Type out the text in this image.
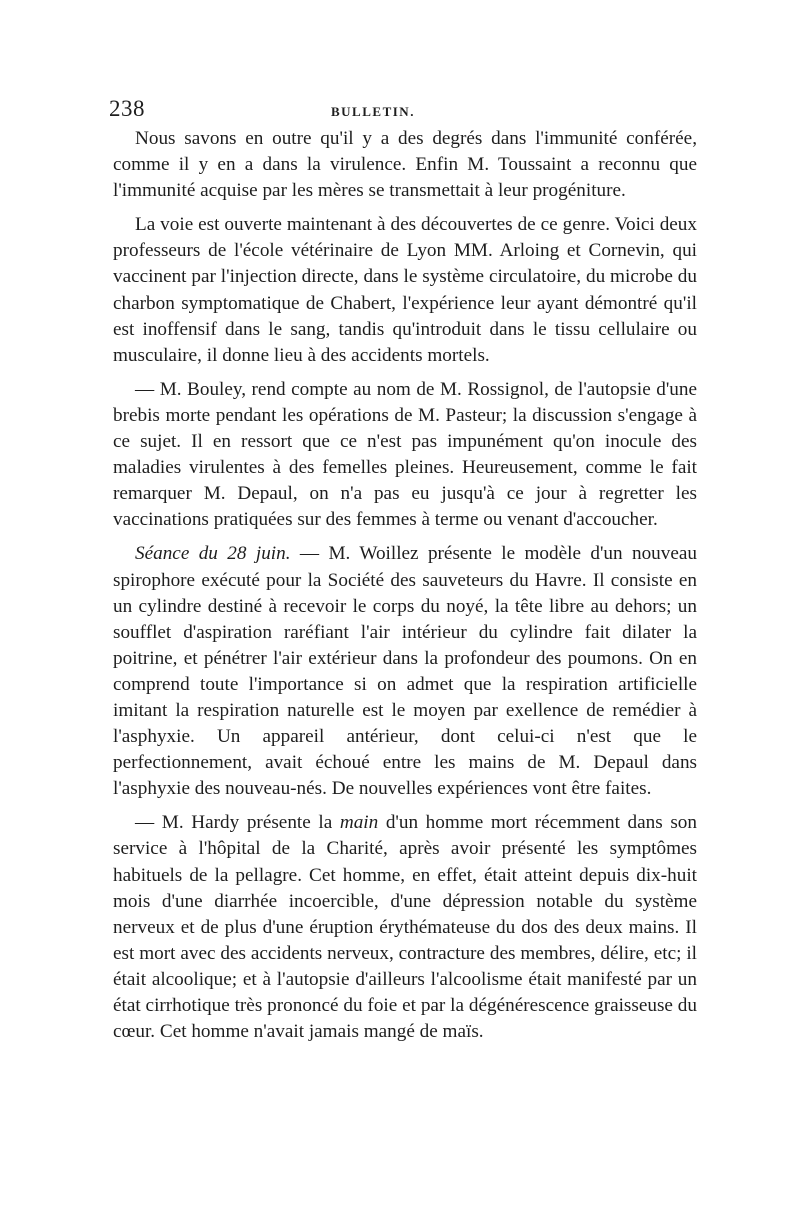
238	BULLETIN.

Nous savons en outre qu'il y a des degrés dans l'immunité conférée, comme il y en a dans la virulence. Enfin M. Toussaint a reconnu que l'immunité acquise par les mères se transmettait à leur progéniture.

La voie est ouverte maintenant à des découvertes de ce genre. Voici deux professeurs de l'école vétérinaire de Lyon MM. Arloing et Cornevin, qui vaccinent par l'injection directe, dans le système circulatoire, du microbe du charbon symptomatique de Chabert, l'expérience leur ayant démontré qu'il est inoffensif dans le sang, tandis qu'introduit dans le tissu cellulaire ou musculaire, il donne lieu à des accidents mortels.

— M. Bouley, rend compte au nom de M. Rossignol, de l'autopsie d'une brebis morte pendant les opérations de M. Pasteur; la discussion s'engage à ce sujet. Il en ressort que ce n'est pas impunément qu'on inocule des maladies virulentes à des femelles pleines. Heureusement, comme le fait remarquer M. Depaul, on n'a pas eu jusqu'à ce jour à regretter les vaccinations pratiquées sur des femmes à terme ou venant d'accoucher.

Séance du 28 juin. — M. Woillez présente le modèle d'un nouveau spirophore exécuté pour la Société des sauveteurs du Havre. Il consiste en un cylindre destiné à recevoir le corps du noyé, la tête libre au dehors; un soufflet d'aspiration raréfiant l'air intérieur du cylindre fait dilater la poitrine, et pénétrer l'air extérieur dans la profondeur des poumons. On en comprend toute l'importance si on admet que la respiration artificielle imitant la respiration naturelle est le moyen par exellence de remédier à l'asphyxie. Un appareil antérieur, dont celui-ci n'est que le perfectionnement, avait échoué entre les mains de M. Depaul dans l'asphyxie des nouveau-nés. De nouvelles expériences vont être faites.

— M. Hardy présente la main d'un homme mort récemment dans son service à l'hôpital de la Charité, après avoir présenté les symptômes habituels de la pellagre. Cet homme, en effet, était atteint depuis dix-huit mois d'une diarrhée incoercible, d'une dépression notable du système nerveux et de plus d'une éruption érythémateuse du dos des deux mains. Il est mort avec des accidents nerveux, contracture des membres, délire, etc; il était alcoolique; et à l'autopsie d'ailleurs l'alcoolisme était manifesté par un état cirrhotique très prononcé du foie et par la dégénérescence graisseuse du cœur. Cet homme n'avait jamais mangé de maïs.
